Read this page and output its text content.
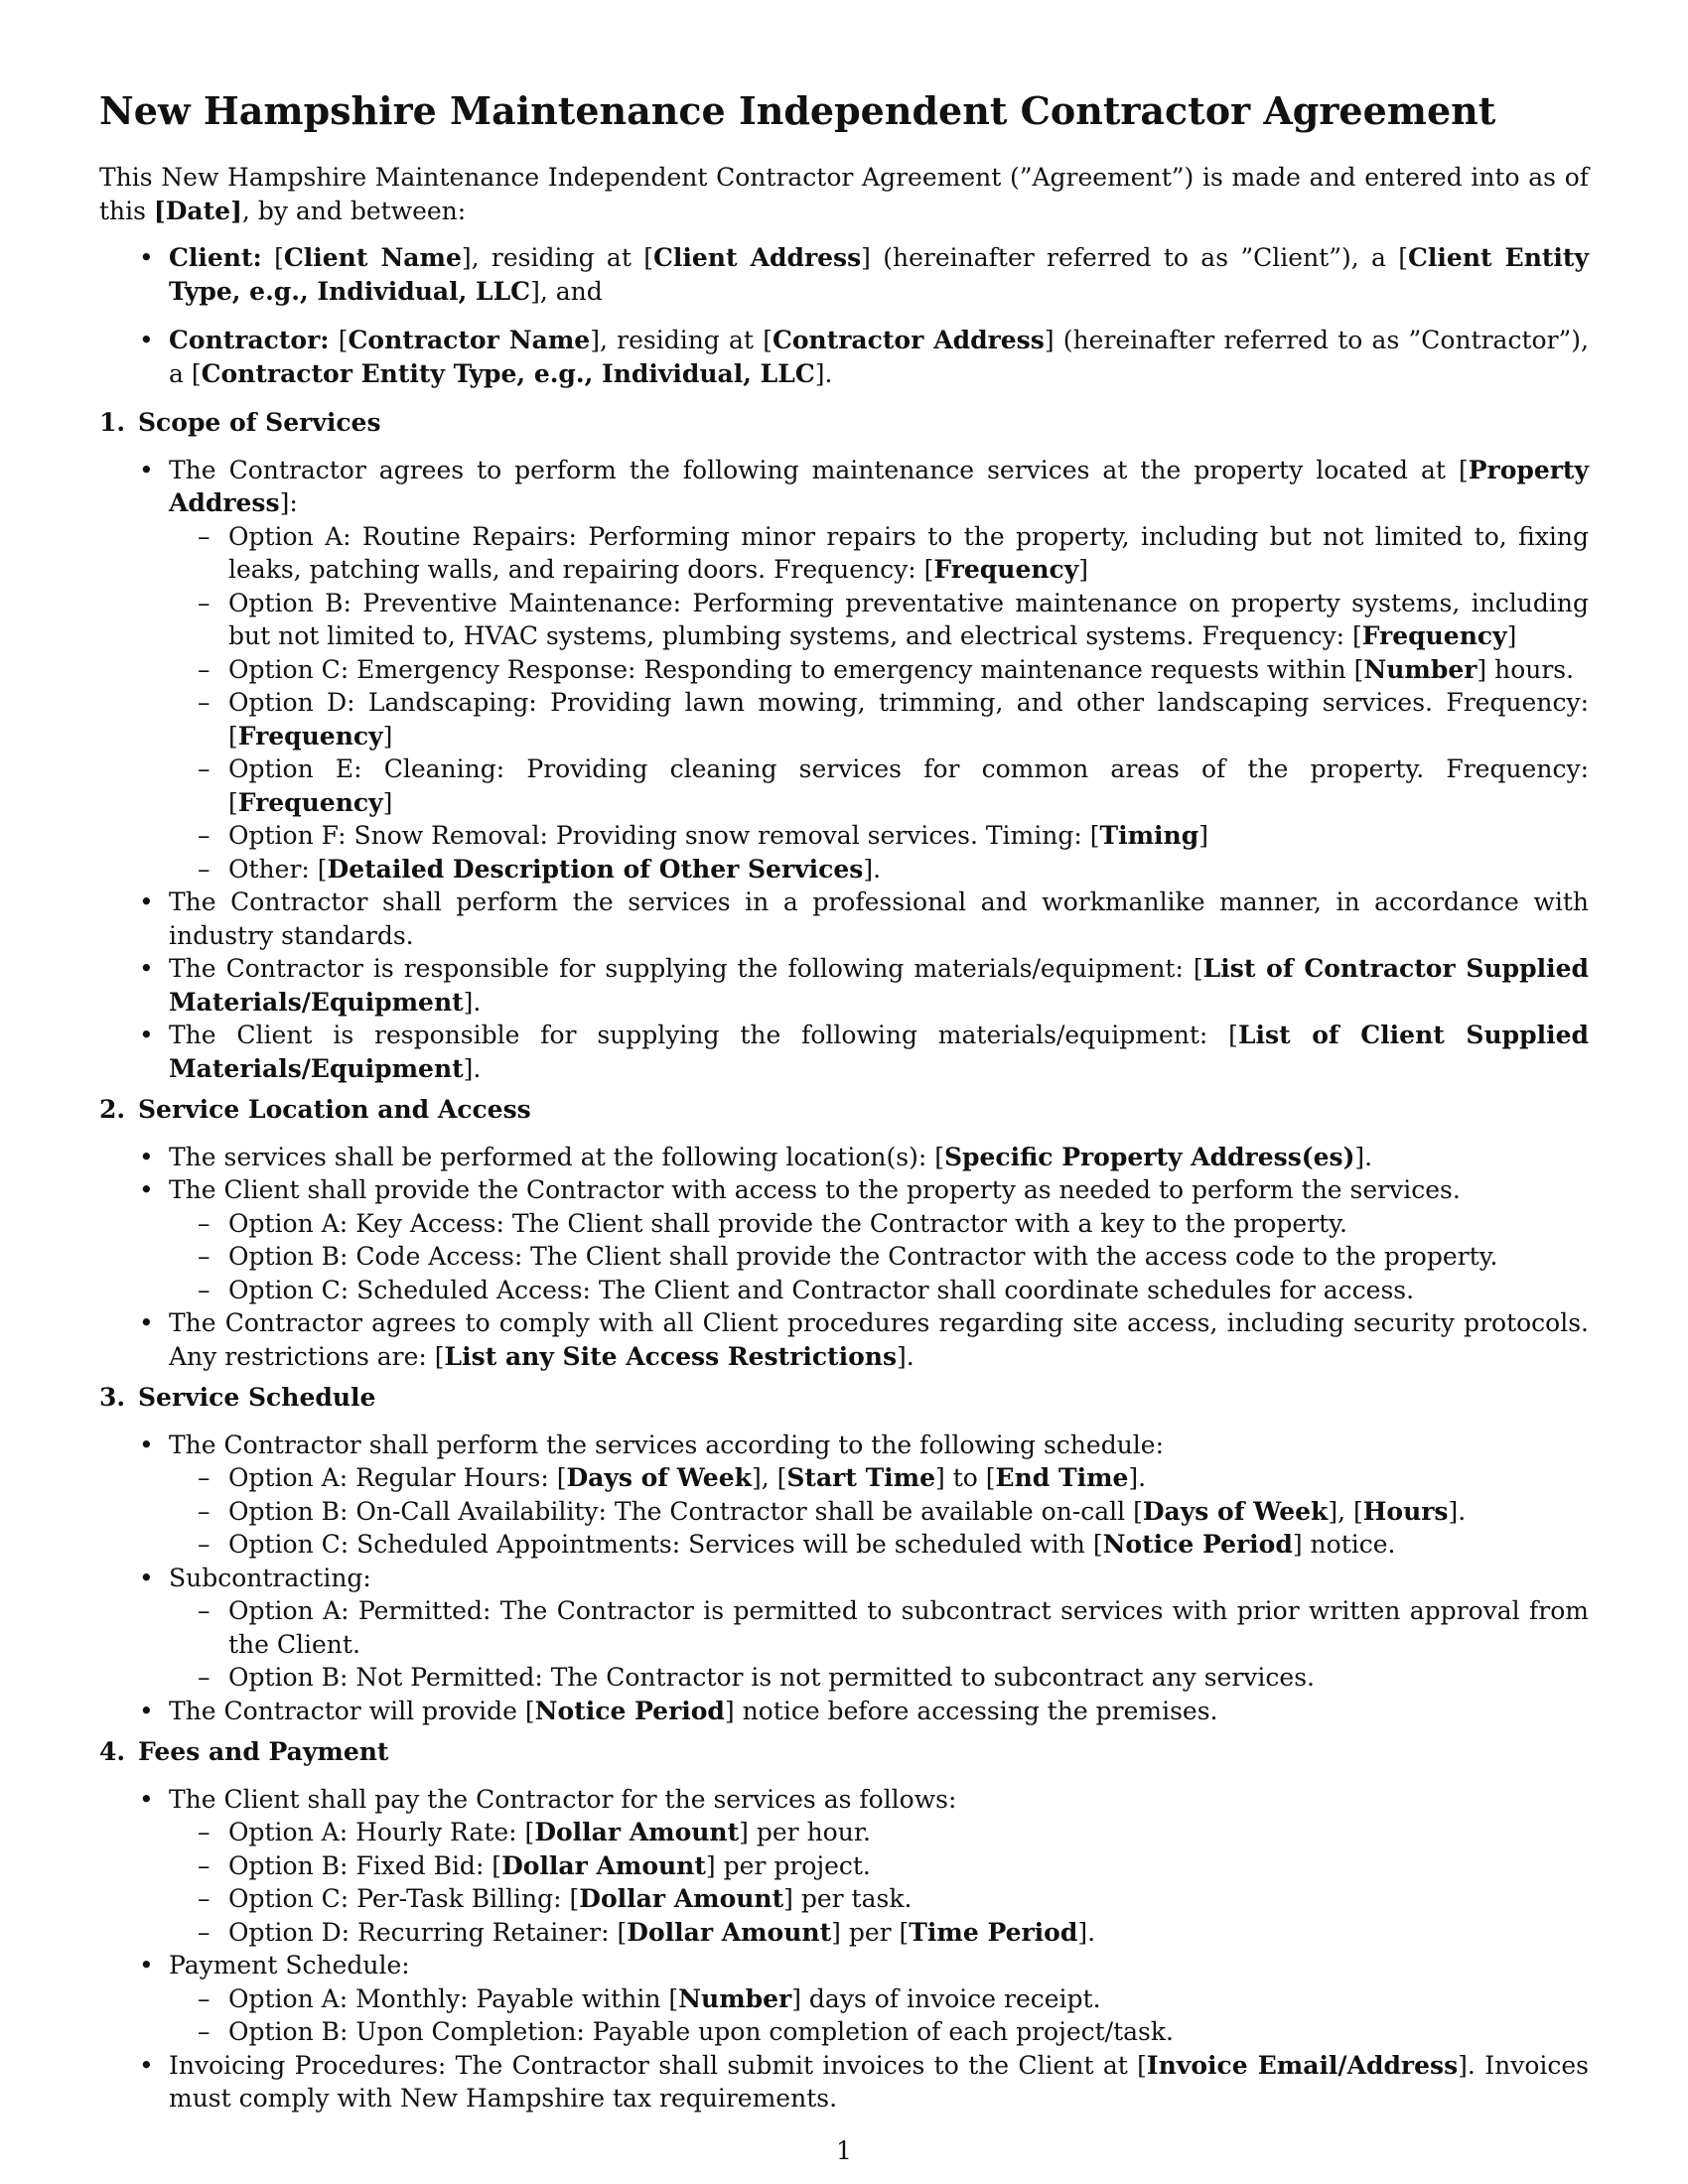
New Hampshire Maintenance Independent Contractor Agreement

This New Hampshire Maintenance Independent Contractor Agreement (”Agreement”) is made and entered into as of this [Date], by and between:

• Client: [Client Name], residing at [Client Address] (hereinafter referred to as ”Client”), a [Client Entity Type, e.g., Individual, LLC], and
• Contractor: [Contractor Name], residing at [Contractor Address] (hereinafter referred to as ”Contractor”), a [Contractor Entity Type, e.g., Individual, LLC].
1. Scope of Services
• The Contractor agrees to perform the following maintenance services at the property located at [Property Address]:
– Option A: Routine Repairs: Performing minor repairs to the property, including but not limited to, fixing leaks, patching walls, and repairing doors. Frequency: [Frequency]
– Option B: Preventive Maintenance: Performing preventative maintenance on property systems, including but not limited to, HVAC systems, plumbing systems, and electrical systems. Frequency: [Frequency]
– Option C: Emergency Response: Responding to emergency maintenance requests within [Number] hours.
– Option D: Landscaping: Providing lawn mowing, trimming, and other landscaping services. Frequency: [Frequency]
– Option E: Cleaning: Providing cleaning services for common areas of the property. Frequency: [Frequency]
– Option F: Snow Removal: Providing snow removal services. Timing: [Timing]
– Other: [Detailed Description of Other Services].
• The Contractor shall perform the services in a professional and workmanlike manner, in accordance with industry standards.
• The Contractor is responsible for supplying the following materials/equipment: [List of Contractor Supplied Materials/Equipment].
• The Client is responsible for supplying the following materials/equipment: [List of Client Supplied Materials/Equipment].
2. Service Location and Access
• The services shall be performed at the following location(s): [Specific Property Address(es)].
• The Client shall provide the Contractor with access to the property as needed to perform the services.
– Option A: Key Access: The Client shall provide the Contractor with a key to the property.
– Option B: Code Access: The Client shall provide the Contractor with the access code to the property.
– Option C: Scheduled Access: The Client and Contractor shall coordinate schedules for access.
• The Contractor agrees to comply with all Client procedures regarding site access, including security protocols. Any restrictions are: [List any Site Access Restrictions].
3. Service Schedule
• The Contractor shall perform the services according to the following schedule:
– Option A: Regular Hours: [Days of Week], [Start Time] to [End Time].
– Option B: On-Call Availability: The Contractor shall be available on-call [Days of Week], [Hours].
– Option C: Scheduled Appointments: Services will be scheduled with [Notice Period] notice.
• Subcontracting:
– Option A: Permitted: The Contractor is permitted to subcontract services with prior written approval from the Client.
– Option B: Not Permitted: The Contractor is not permitted to subcontract any services.
• The Contractor will provide [Notice Period] notice before accessing the premises.
4. Fees and Payment
• The Client shall pay the Contractor for the services as follows:
– Option A: Hourly Rate: [Dollar Amount] per hour.
– Option B: Fixed Bid: [Dollar Amount] per project.
– Option C: Per-Task Billing: [Dollar Amount] per task.
– Option D: Recurring Retainer: [Dollar Amount] per [Time Period].
• Payment Schedule:
– Option A: Monthly: Payable within [Number] days of invoice receipt.
– Option B: Upon Completion: Payable upon completion of each project/task.
• Invoicing Procedures: The Contractor shall submit invoices to the Client at [Invoice Email/Address]. Invoices must comply with New Hampshire tax requirements.
1
